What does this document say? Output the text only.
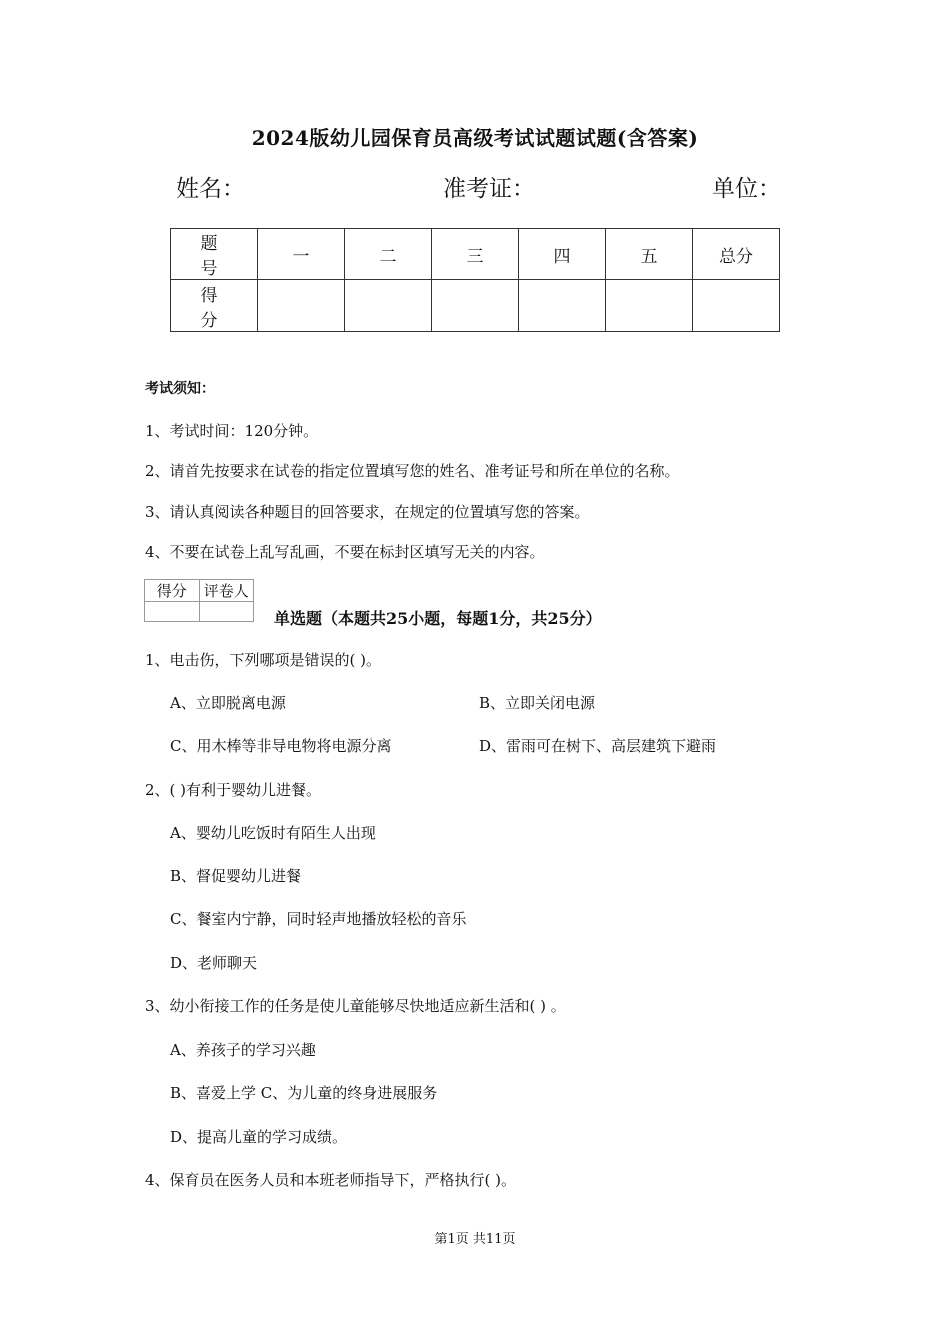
2024版幼儿园保育员高级考试试题试题(含答案)
姓名：	准考证：	单位：
题 号	一	二	三	四	五	总分
得 分						
考试须知：
1、考试时间：120分钟。
2、请首先按要求在试卷的指定位置填写您的姓名、准考证号和所在单位的名称。
3、请认真阅读各种题目的回答要求，在规定的位置填写您的答案。
4、不要在试卷上乱写乱画，不要在标封区填写无关的内容。
得分	评卷人

单选题（本题共25小题，每题1分，共25分）
1、电击伤，下列哪项是错误的( )。
A、立即脱离电源	B、立即关闭电源
C、用木棒等非导电物将电源分离	D、雷雨可在树下、高层建筑下避雨
2、( )有利于婴幼儿进餐。
A、婴幼儿吃饭时有陌生人出现
B、督促婴幼儿进餐
C、餐室内宁静，同时轻声地播放轻松的音乐
D、老师聊天
3、幼小衔接工作的任务是使儿童能够尽快地适应新生活和( ) 。
A、养孩子的学习兴趣
B、喜爱上学 C、为儿童的终身进展服务
D、提高儿童的学习成绩。
4、保育员在医务人员和本班老师指导下，严格执行( )。
第1页 共11页
